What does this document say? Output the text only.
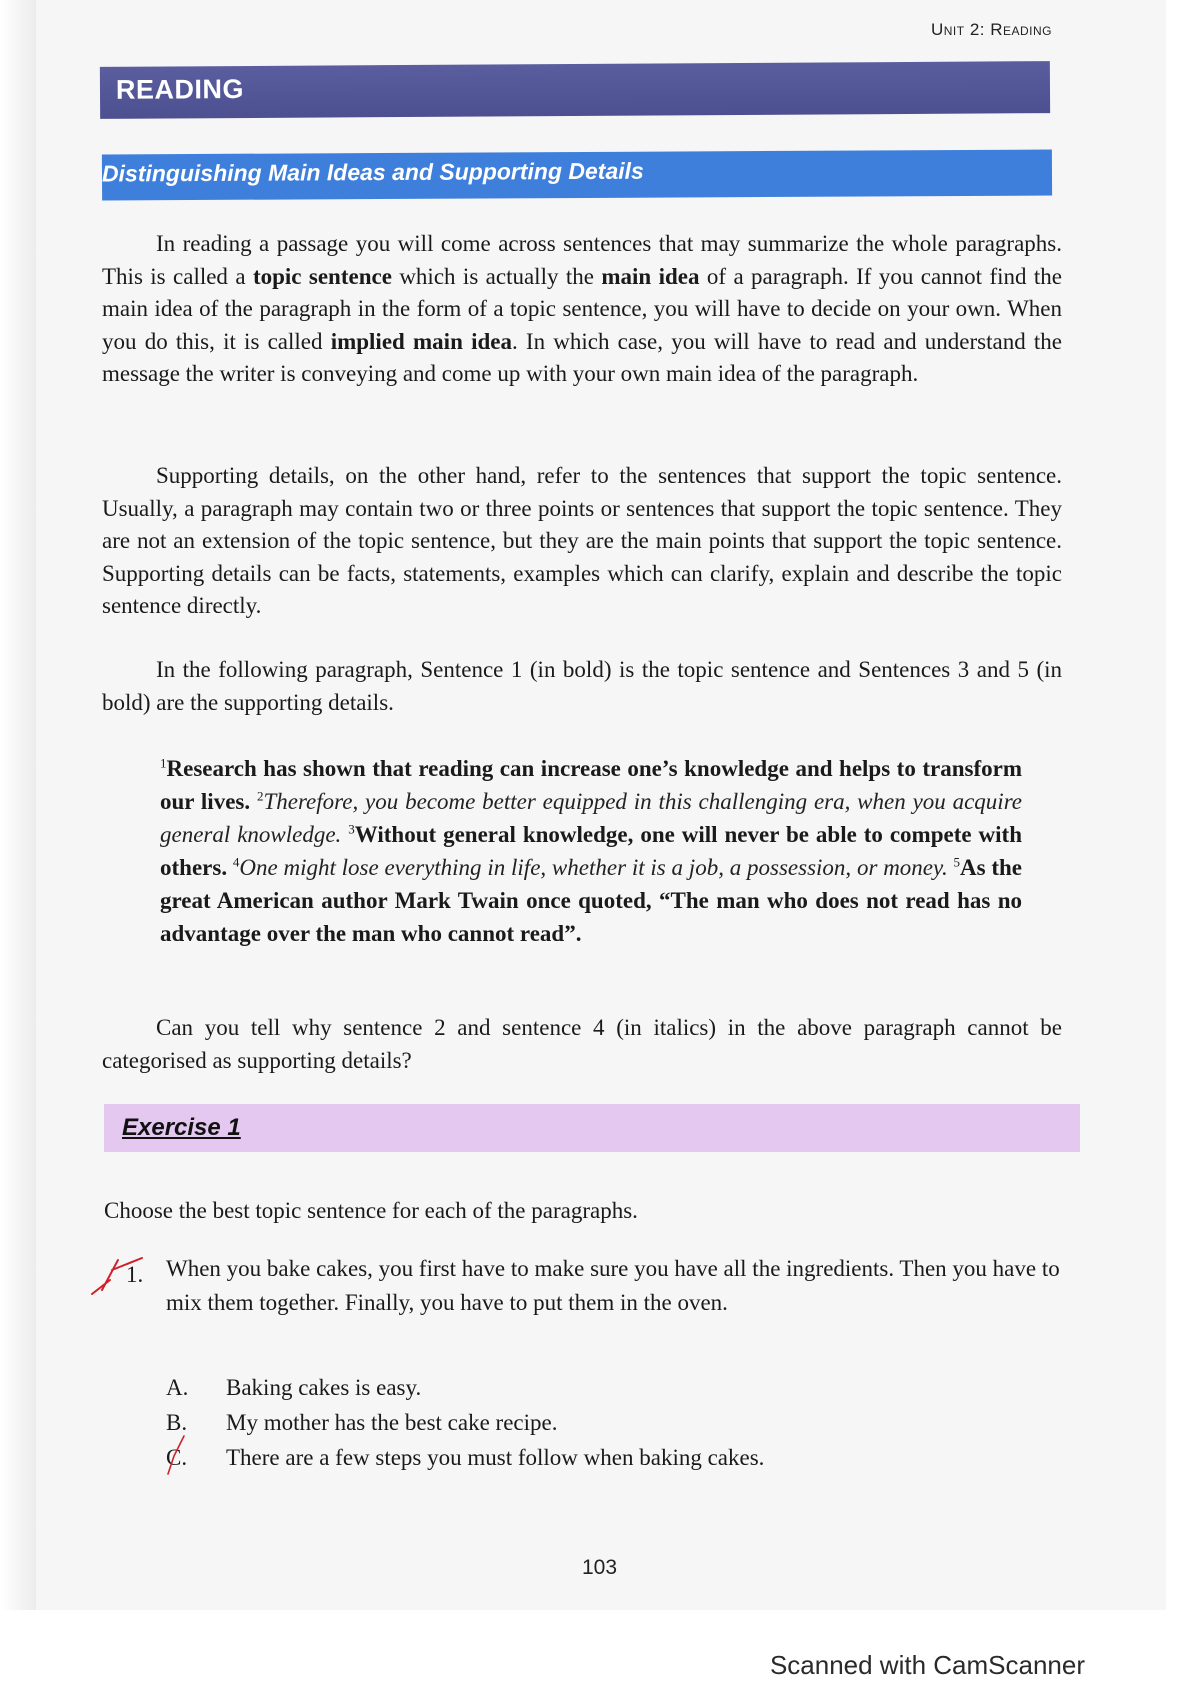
Unit 2: Reading
READING
Distinguishing Main Ideas and Supporting Details
In reading a passage you will come across sentences that may summarize the whole paragraphs. This is called a topic sentence which is actually the main idea of a paragraph. If you cannot find the main idea of the paragraph in the form of a topic sentence, you will have to decide on your own. When you do this, it is called implied main idea. In which case, you will have to read and understand the message the writer is conveying and come up with your own main idea of the paragraph.
Supporting details, on the other hand, refer to the sentences that support the topic sentence. Usually, a paragraph may contain two or three points or sentences that support the topic sentence. They are not an extension of the topic sentence, but they are the main points that support the topic sentence. Supporting details can be facts, statements, examples which can clarify, explain and describe the topic sentence directly.
In the following paragraph, Sentence 1 (in bold) is the topic sentence and Sentences 3 and 5 (in bold) are the supporting details.
$^1$Research has shown that reading can increase one’s knowledge and helps to transform our lives. $^2$Therefore, you become better equipped in this challenging era, when you acquire general knowledge. $^3$Without general knowledge, one will never be able to compete with others. $^4$One might lose everything in life, whether it is a job, a possession, or money. $^5$As the great American author Mark Twain once quoted, “The man who does not read has no advantage over the man who cannot read”.
Can you tell why sentence 2 and sentence 4 (in italics) in the above paragraph cannot be categorised as supporting details?
Exercise 1
Choose the best topic sentence for each of the paragraphs.
1. When you bake cakes, you first have to make sure you have all the ingredients. Then you have to mix them together. Finally, you have to put them in the oven.
A.	Baking cakes is easy.
B.	My mother has the best cake recipe.
C.	There are a few steps you must follow when baking cakes.
103
Scanned with CamScanner
